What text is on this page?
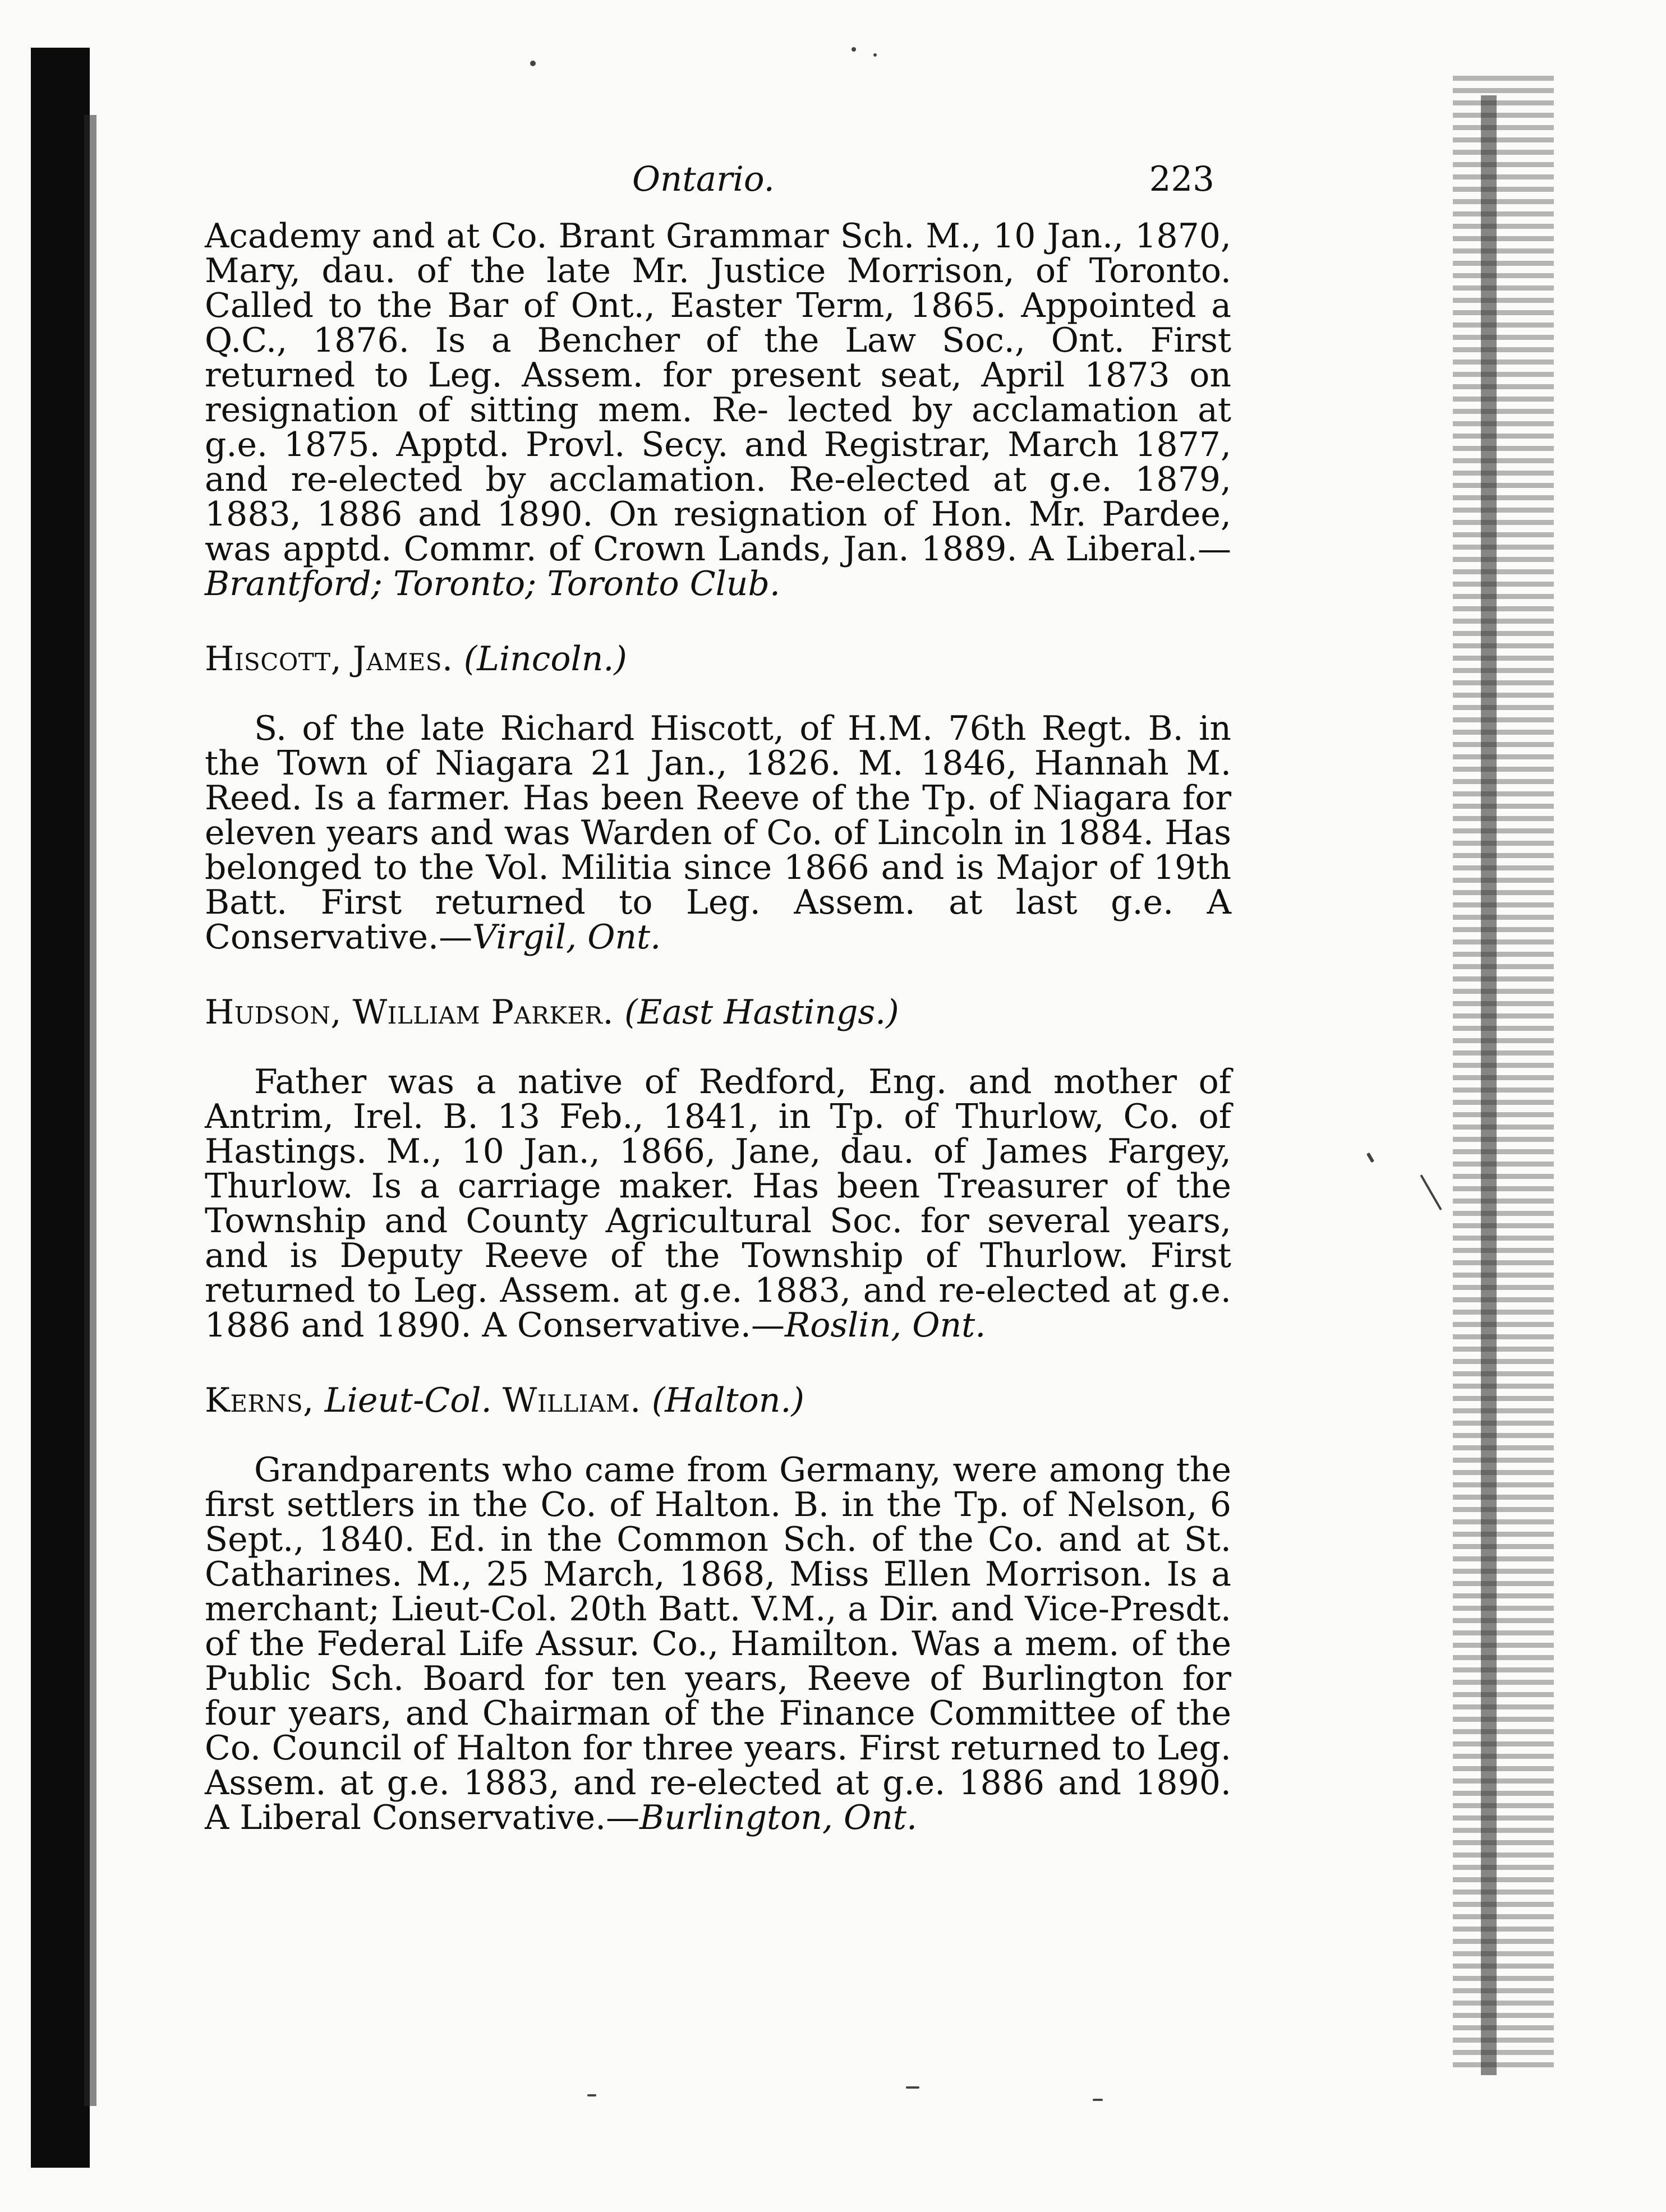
Ontario.	223

Academy and at Co. Brant Grammar Sch. M., 10 Jan., 1870, Mary, dau. of the late Mr. Justice Morrison, of Toronto. Called to the Bar of Ont., Easter Term, 1865. Appointed a Q.C., 1876. Is a Bencher of the Law Soc., Ont. First returned to Leg. Assem. for present seat, April 1873 on resignation of sitting mem. Re- lected by acclamation at g.e. 1875. Apptd. Provl. Secy. and Registrar, March 1877, and re-elected by acclamation. Re-elected at g.e. 1879, 1883, 1886 and 1890. On resignation of Hon. Mr. Pardee, was apptd. Commr. of Crown Lands, Jan. 1889. A Liberal.—Brantford; Toronto; Toronto Club.

Hiscott, James. (Lincoln.)

S. of the late Richard Hiscott, of H.M. 76th Regt. B. in the Town of Niagara 21 Jan., 1826. M. 1846, Hannah M. Reed. Is a farmer. Has been Reeve of the Tp. of Niagara for eleven years and was Warden of Co. of Lincoln in 1884. Has belonged to the Vol. Militia since 1866 and is Major of 19th Batt. First returned to Leg. Assem. at last g.e. A Conservative.—Virgil, Ont.

Hudson, William Parker. (East Hastings.)

Father was a native of Redford, Eng. and mother of Antrim, Irel. B. 13 Feb., 1841, in Tp. of Thurlow, Co. of Hastings. M., 10 Jan., 1866, Jane, dau. of James Fargey, Thurlow. Is a carriage maker. Has been Treasurer of the Township and County Agricultural Soc. for several years, and is Deputy Reeve of the Township of Thurlow. First returned to Leg. Assem. at g.e. 1883, and re-elected at g.e. 1886 and 1890. A Conservative.—Roslin, Ont.

Kerns, Lieut-Col. William. (Halton.)

Grandparents who came from Germany, were among the first settlers in the Co. of Halton. B. in the Tp. of Nelson, 6 Sept., 1840. Ed. in the Common Sch. of the Co. and at St. Catharines. M., 25 March, 1868, Miss Ellen Morrison. Is a merchant; Lieut-Col. 20th Batt. V.M., a Dir. and Vice-Presdt. of the Federal Life Assur. Co., Hamilton. Was a mem. of the Public Sch. Board for ten years, Reeve of Burlington for four years, and Chairman of the Finance Committee of the Co. Council of Halton for three years. First returned to Leg. Assem. at g.e. 1883, and re-elected at g.e. 1886 and 1890. A Liberal Conservative.—Burlington, Ont.
